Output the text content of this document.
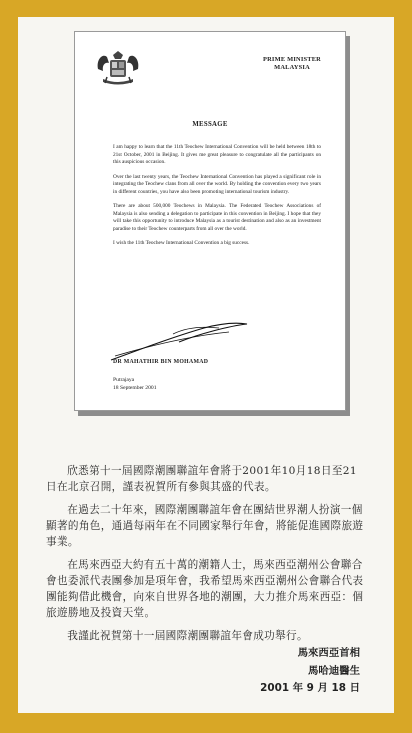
PRIME MINISTER
MALAYSIA
MESSAGE

I am happy to learn that the 11th Teochew International Convention will be held between 18th to 21st October, 2001 in Beijing. It gives me great pleasure to congratulate all the participants on this auspicious occasion.

Over the last twenty years, the Teochew International Convention has played a significant role in integrating the Teochew clans from all over the world. By holding the convention every two years in different countries, you have also been promoting international tourism industry.

There are about 500,000 Teochews in Malaysia. The Federated Teochew Associations of Malaysia is also sending a delegation to participate in this convention in Beijing. I hope that they will take this opportunity to introduce Malaysia as a tourist destination and also as an investment paradise to their Teochew counterparts from all over the world.

I wish the 11th Teochew International Convention a big success.

DR MAHATHIR BIN MOHAMAD
Putrajaya
18 September 2001

欣悉第十一屆國際潮團聯誼年會將于2001年10月18日至21日在北京召開，謹表祝賀所有參與其盛的代表。

在過去二十年來，國際潮團聯誼年會在團結世界潮人扮演一個顯著的角色，通過每兩年在不同國家舉行年會，將能促進國際旅遊事業。

在馬來西亞大約有五十萬的潮籍人士，馬來西亞潮州公會聯合會也委派代表團參加是項年會，我希望馬來西亞潮州公會聯合代表團能夠借此機會，向來自世界各地的潮團，大力推介馬來西亞：個旅遊勝地及投資天堂。

我謹此祝賀第十一屆國際潮團聯誼年會成功舉行。

馬來西亞首相
馬哈迪醫生
2001 年 9 月 18 日
